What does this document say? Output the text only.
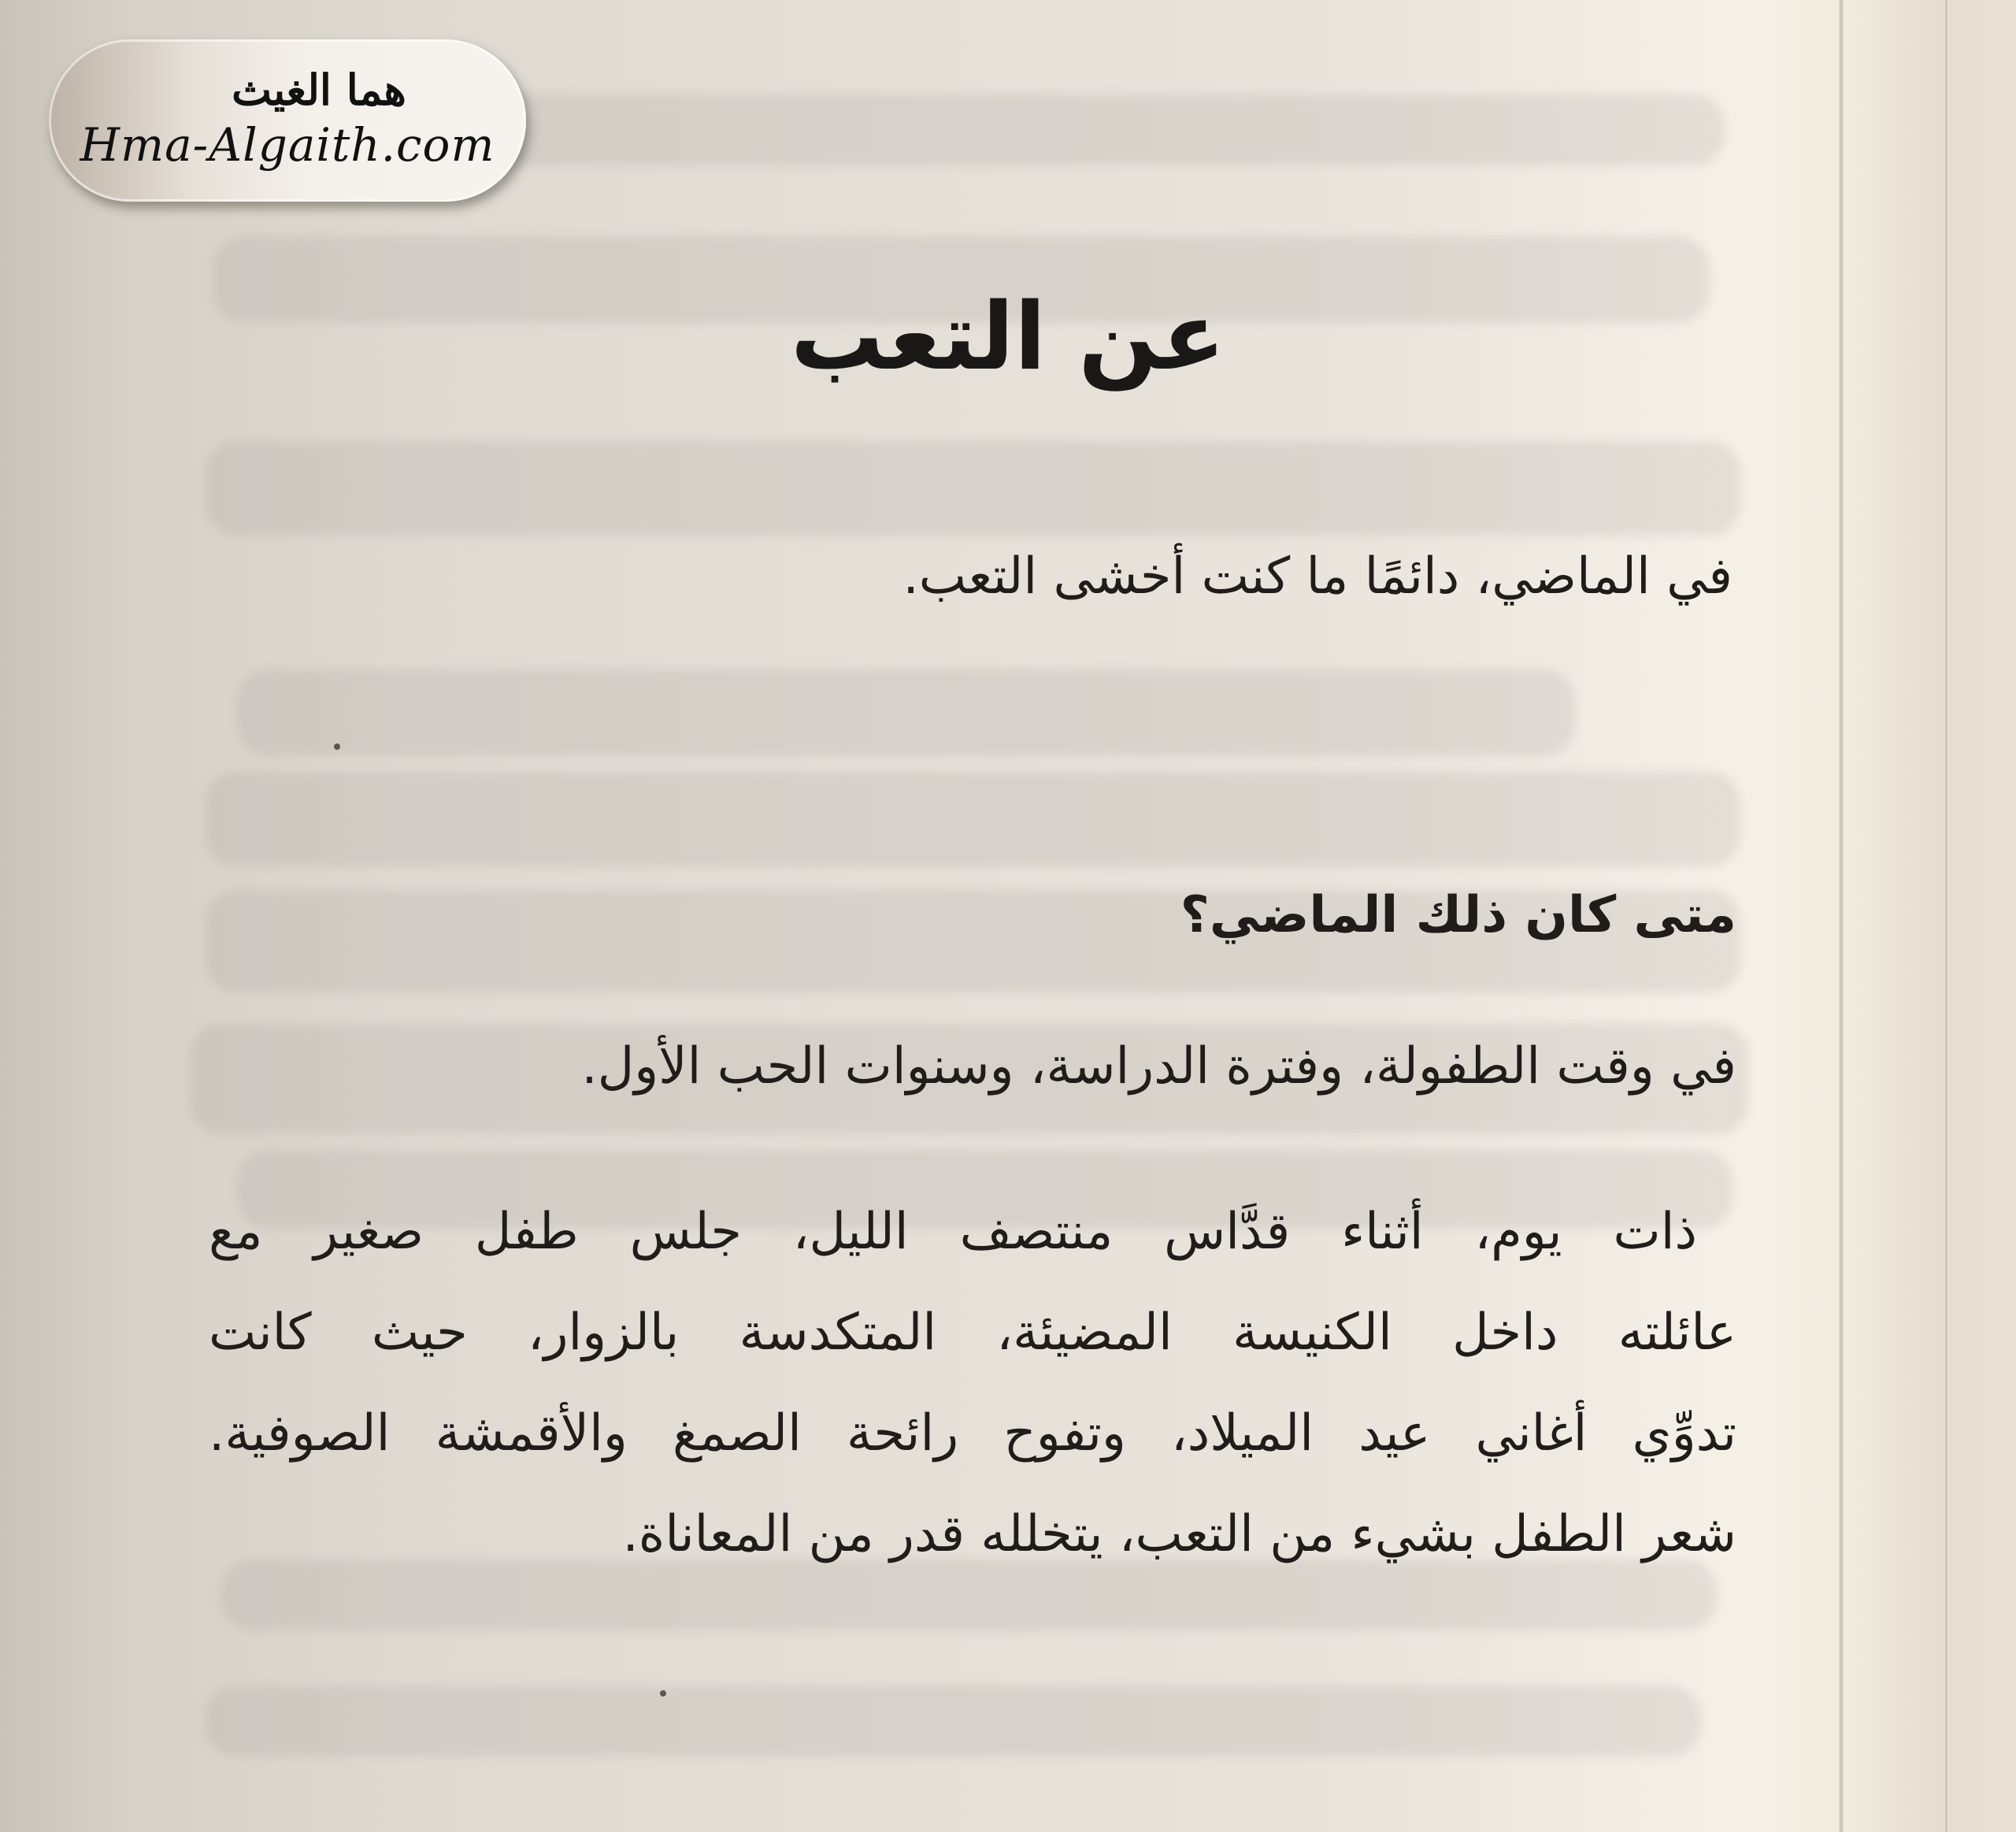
هما الغيث
Hma-Algaith.com
عن التعب
في الماضي، دائمًا ما كنت أخشى التعب.
متى كان ذلك الماضي؟
في وقت الطفولة، وفترة الدراسة، وسنوات الحب الأول.
ذات يوم، أثناء قدَّاس منتصف الليل، جلس طفل صغير مع
عائلته داخل الكنيسة المضيئة، المتكدسة بالزوار، حيث كانت
تدوِّي أغاني عيد الميلاد، وتفوح رائحة الصمغ والأقمشة الصوفية.
شعر الطفل بشيء من التعب، يتخلله قدر من المعاناة.
